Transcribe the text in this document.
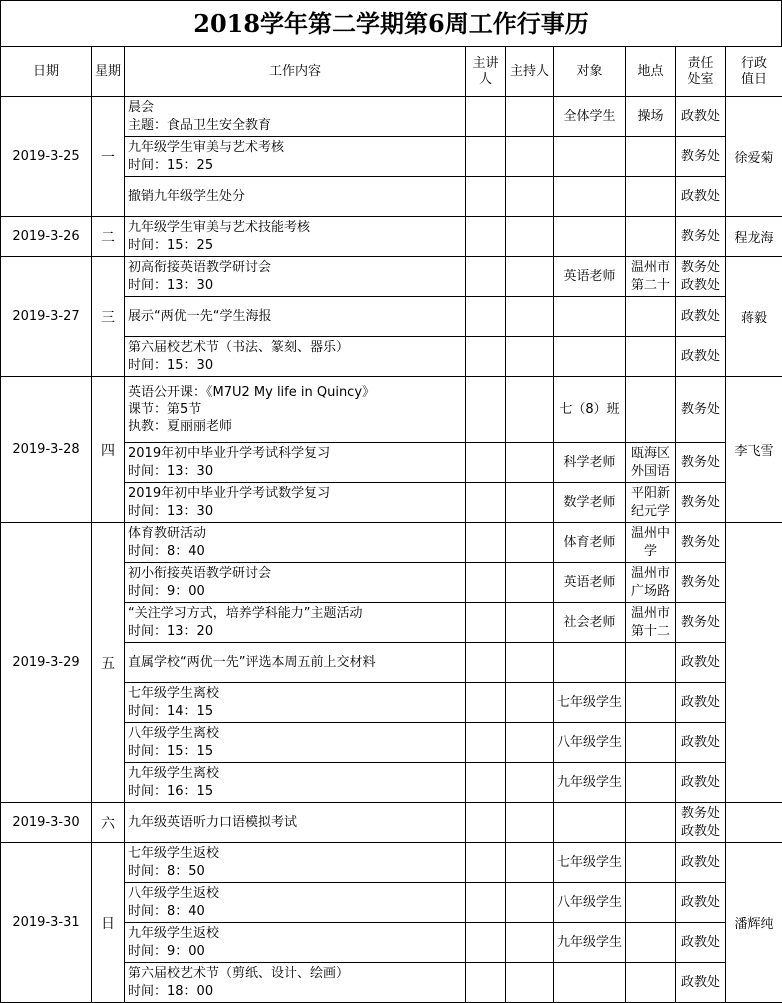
2018学年第二学期第6周工作行事历
日期	星期	工作内容	主讲人	主持人	对象	地点	责任处室	行政值日

2019-3-25	一	晨会
主题：食品卫生安全教育			全体学生	操场	政教处	徐爱菊

		九年级学生审美与艺术考核
时间：15：25					教务处	

		撤销九年级学生处分					政教处	

2019-3-26	二	九年级学生审美与艺术技能考核
时间：15：25					教务处	程龙海
2019-3-27	三	初高衔接英语教学研讨会
时间：13：30			英语老师	温州市第二十	教务处
政教处	蒋毅

		展示“两优一先“学生海报					政教处	

		第六届校艺术节（书法、篆刻、器乐）
时间：15：30					政教处	

2019-3-28	四	英语公开课：《M7U2 My life in Quincy》
课节：第5节
执教：夏丽丽老师			七（8）班		教务处	李飞雪

		2019年初中毕业升学考试科学复习
时间：13：30			科学老师	瓯海区外国语	教务处	

		2019年初中毕业升学考试数学复习
时间：13：30			数学老师	平阳新纪元学	教务处	

2019-3-29	五	体育教研活动
时间：8：40			体育老师	温州中学	教务处	

		初小衔接英语教学研讨会
时间：9：00			英语老师	温州市广场路	教务处	

		“关注学习方式，培养学科能力”主题活动
时间：13：20			社会老师	温州市第十二	教务处	

		直属学校“两优一先”评选本周五前上交材料					政教处	

		七年级学生离校
时间：14：15			七年级学生		政教处	

		八年级学生离校
时间：15：15			八年级学生		政教处	

		九年级学生离校
时间：16：15			九年级学生		政教处	

2019-3-30	六	九年级英语听力口语模拟考试					教务处
政教处	

2019-3-31	日	七年级学生返校
时间：8：50			七年级学生		政教处	潘辉纯

		八年级学生返校
时间：8：40			八年级学生		政教处	

		九年级学生返校
时间：9：00			九年级学生		政教处	

		第六届校艺术节（剪纸、设计、绘画）
时间：18：00					政教处	
